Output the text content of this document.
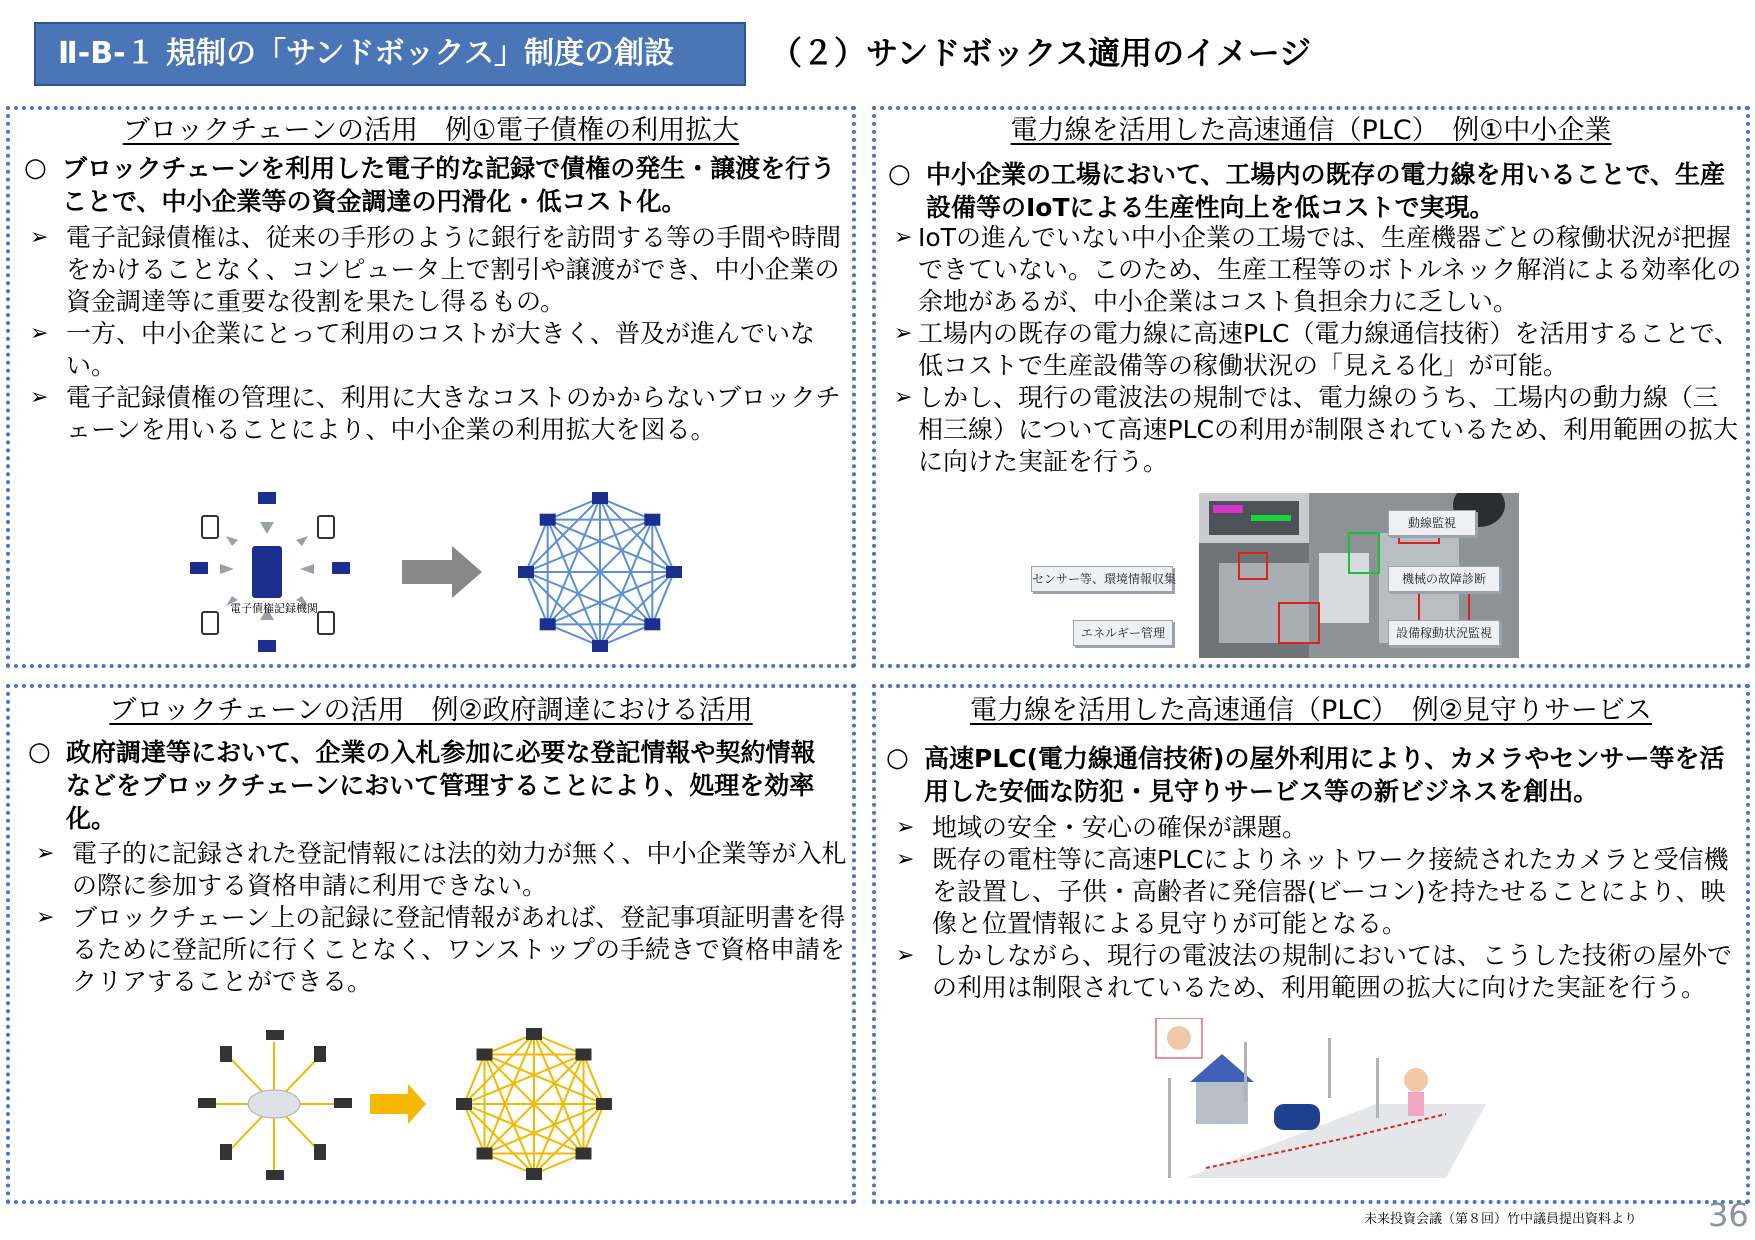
Ⅱ-B-１ 規制の「サンドボックス」制度の創設	（２）サンドボックス適用のイメージ
ブロックチェーンの活用　例①電子債権の利用拡大
○ ブロックチェーンを利用した電子的な記録で債権の発生・譲渡を行うことで、中小企業等の資金調達の円滑化・低コスト化。
➢ 電子記録債権は、従来の手形のように銀行を訪問する等の手間や時間をかけることなく、コンピュータ上で割引や譲渡ができ、中小企業の資金調達等に重要な役割を果たし得るもの。
➢ 一方、中小企業にとって利用のコストが大きく、普及が進んでいない。
➢ 電子記録債権の管理に、利用に大きなコストのかからないブロックチェーンを用いることにより、中小企業の利用拡大を図る。
電子債権記録機関
電力線を活用した高速通信（PLC）　例①中小企業
○ 中小企業の工場において、工場内の既存の電力線を用いることで、生産設備等のIoTによる生産性向上を低コストで実現。
➢ IoTの進んでいない中小企業の工場では、生産機器ごとの稼働状況が把握できていない。このため、生産工程等のボトルネック解消による効率化の余地があるが、中小企業はコスト負担余力に乏しい。
➢ 工場内の既存の電力線に高速PLC（電力線通信技術）を活用することで、低コストで生産設備等の稼働状況の「見える化」が可能。
➢ しかし、現行の電波法の規制では、電力線のうち、工場内の動力線（三相三線）について高速PLCの利用が制限されているため、利用範囲の拡大に向けた実証を行う。
センサー等、環境情報収集
エネルギー管理
動線監視
機械の故障診断
設備稼動状況監視
ブロックチェーンの活用　例②政府調達における活用
○ 政府調達等において、企業の入札参加に必要な登記情報や契約情報などをブロックチェーンにおいて管理することにより、処理を効率化。
➢ 電子的に記録された登記情報には法的効力が無く、中小企業等が入札の際に参加する資格申請に利用できない。
➢ ブロックチェーン上の記録に登記情報があれば、登記事項証明書を得るために登記所に行くことなく、ワンストップの手続きで資格申請をクリアすることができる。
電力線を活用した高速通信（PLC）　例②見守りサービス
○ 高速PLC(電力線通信技術)の屋外利用により、カメラやセンサー等を活用した安価な防犯・見守りサービス等の新ビジネスを創出。
➢ 地域の安全・安心の確保が課題。
➢ 既存の電柱等に高速PLCによりネットワーク接続されたカメラと受信機を設置し、子供・高齢者に発信器(ビーコン)を持たせることにより、映像と位置情報による見守りが可能となる。
➢ しかしながら、現行の電波法の規制においては、こうした技術の屋外での利用は制限されているため、利用範囲の拡大に向けた実証を行う。
未来投資会議（第８回）竹中議員提出資料より 36
